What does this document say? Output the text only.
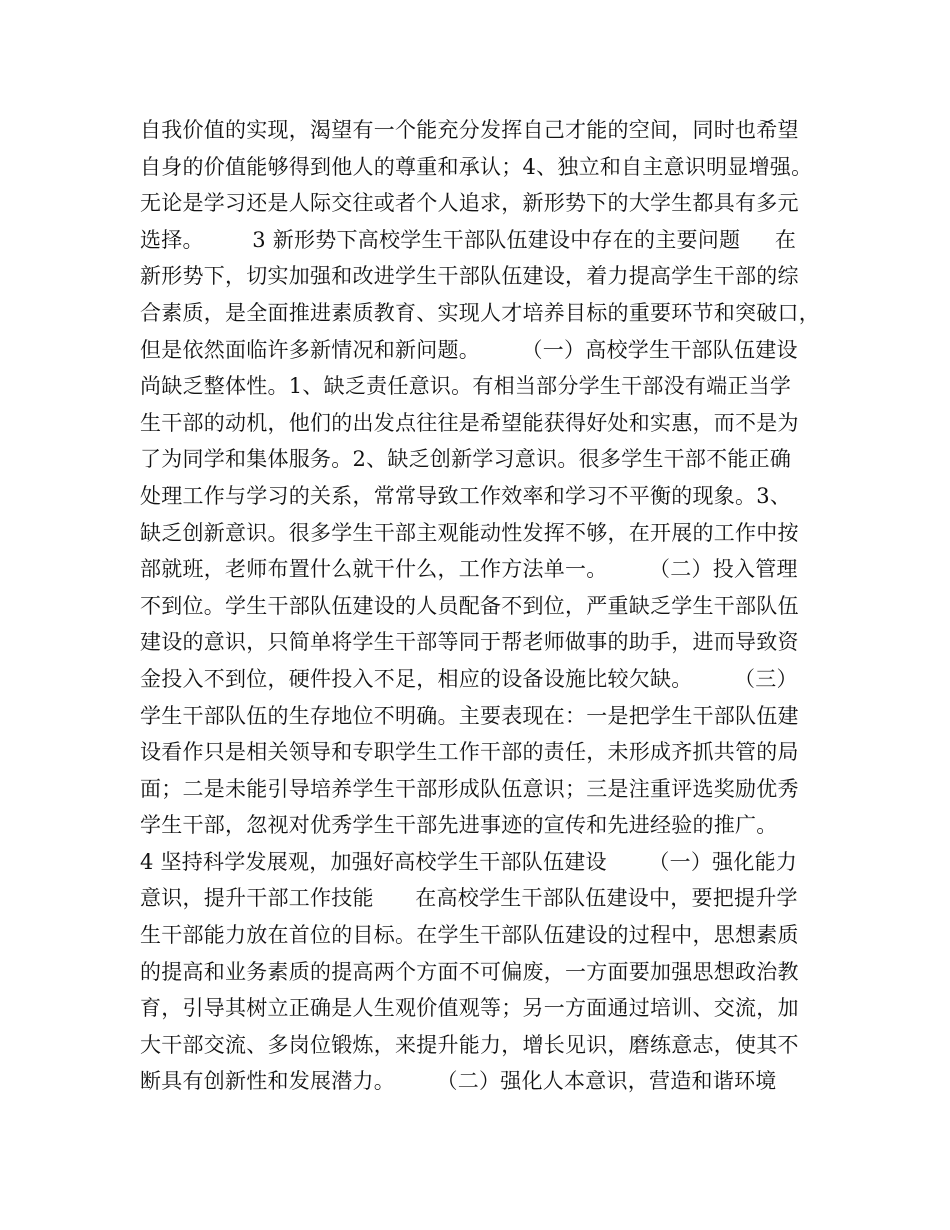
自我价值的实现，渴望有一个能充分发挥自己才能的空间，同时也希望
自身的价值能够得到他人的尊重和承认；4、独立和自主意识明显增强。
无论是学习还是人际交往或者个人追求，新形势下的大学生都具有多元
选择。       3 新形势下高校学生干部队伍建设中存在的主要问题     在
新形势下，切实加强和改进学生干部队伍建设，着力提高学生干部的综
合素质，是全面推进素质教育、实现人才培养目标的重要环节和突破口，
但是依然面临许多新情况和新问题。      （一）高校学生干部队伍建设
尚缺乏整体性。1、缺乏责任意识。有相当部分学生干部没有端正当学
生干部的动机，他们的出发点往往是希望能获得好处和实惠，而不是为
了为同学和集体服务。2、缺乏创新学习意识。很多学生干部不能正确
处理工作与学习的关系，常常导致工作效率和学习不平衡的现象。3、
缺乏创新意识。很多学生干部主观能动性发挥不够，在开展的工作中按
部就班，老师布置什么就干什么，工作方法单一。      （二）投入管理
不到位。学生干部队伍建设的人员配备不到位，严重缺乏学生干部队伍
建设的意识，只简单将学生干部等同于帮老师做事的助手，进而导致资
金投入不到位，硬件投入不足，相应的设备设施比较欠缺。      （三）
学生干部队伍的生存地位不明确。主要表现在：一是把学生干部队伍建
设看作只是相关领导和专职学生工作干部的责任，未形成齐抓共管的局
面；二是未能引导培养学生干部形成队伍意识；三是注重评选奖励优秀
学生干部，忽视对优秀学生干部先进事迹的宣传和先进经验的推广。
4 坚持科学发展观，加强好高校学生干部队伍建设      （一）强化能力
意识，提升干部工作技能      在高校学生干部队伍建设中，要把提升学
生干部能力放在首位的目标。在学生干部队伍建设的过程中，思想素质
的提高和业务素质的提高两个方面不可偏废，一方面要加强思想政治教
育，引导其树立正确是人生观价值观等；另一方面通过培训、交流，加
大干部交流、多岗位锻炼，来提升能力，增长见识，磨练意志，使其不
断具有创新性和发展潜力。      （二）强化人本意识，营造和谐环境
